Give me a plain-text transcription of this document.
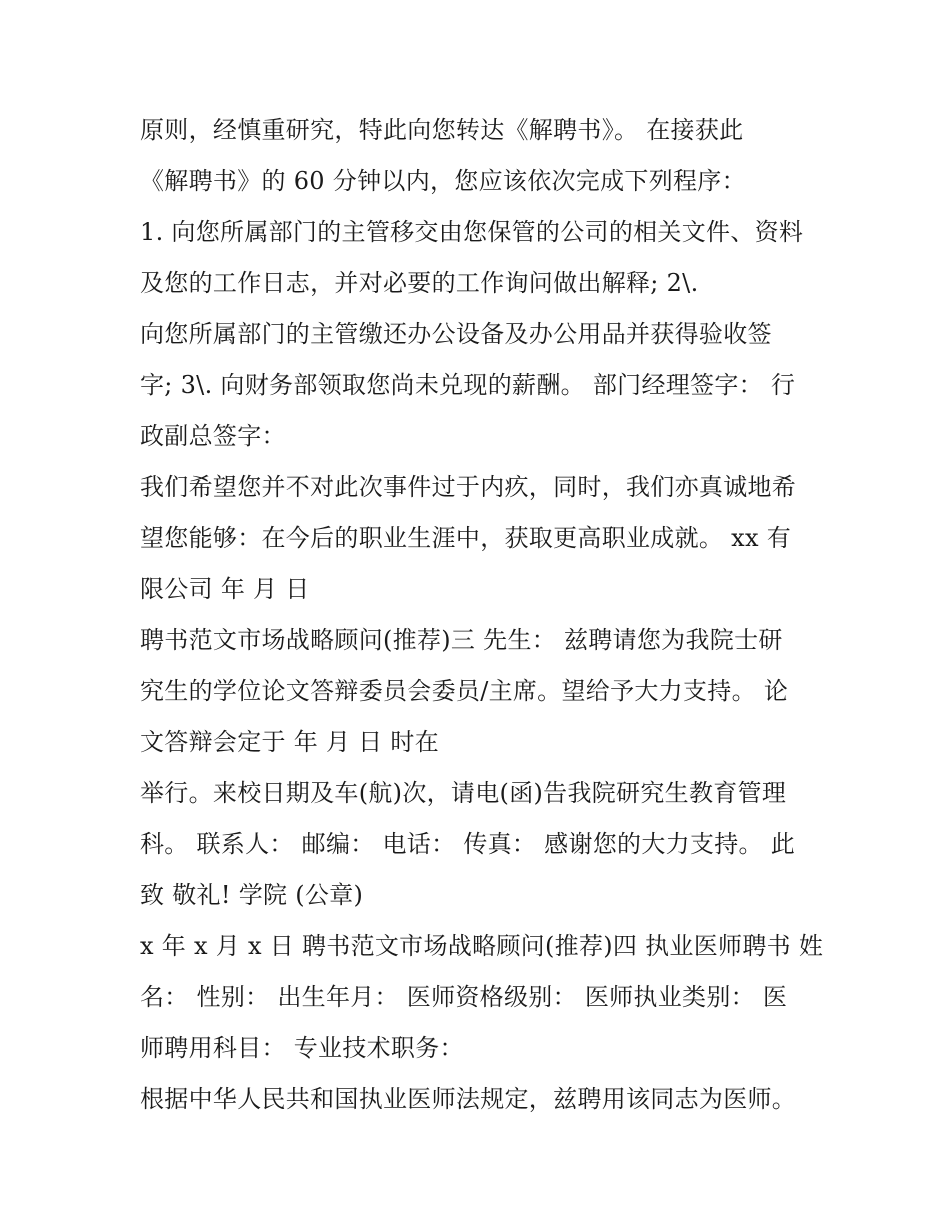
原则，经慎重研究，特此向您转达《解聘书》。 在接获此
《解聘书》的 60 分钟以内，您应该依次完成下列程序：
1. 向您所属部门的主管移交由您保管的公司的相关文件、资料
及您的工作日志，并对必要的工作询问做出解释; 2\.
向您所属部门的主管缴还办公设备及办公用品并获得验收签
字; 3\. 向财务部领取您尚未兑现的薪酬。 部门经理签字： 行
政副总签字：
我们希望您并不对此次事件过于内疚，同时，我们亦真诚地希
望您能够：在今后的职业生涯中，获取更高职业成就。 xx 有
限公司 年 月 日
聘书范文市场战略顾问(推荐)三 先生： 兹聘请您为我院士研
究生的学位论文答辩委员会委员/主席。望给予大力支持。 论
文答辩会定于 年 月 日 时在
举行。来校日期及车(航)次，请电(函)告我院研究生教育管理
科。 联系人： 邮编： 电话： 传真： 感谢您的大力支持。 此
致 敬礼! 学院 (公章)
x 年 x 月 x 日 聘书范文市场战略顾问(推荐)四 执业医师聘书 姓
名： 性别： 出生年月： 医师资格级别： 医师执业类别： 医
师聘用科目： 专业技术职务：
根据中华人民共和国执业医师法规定，兹聘用该同志为医师。
